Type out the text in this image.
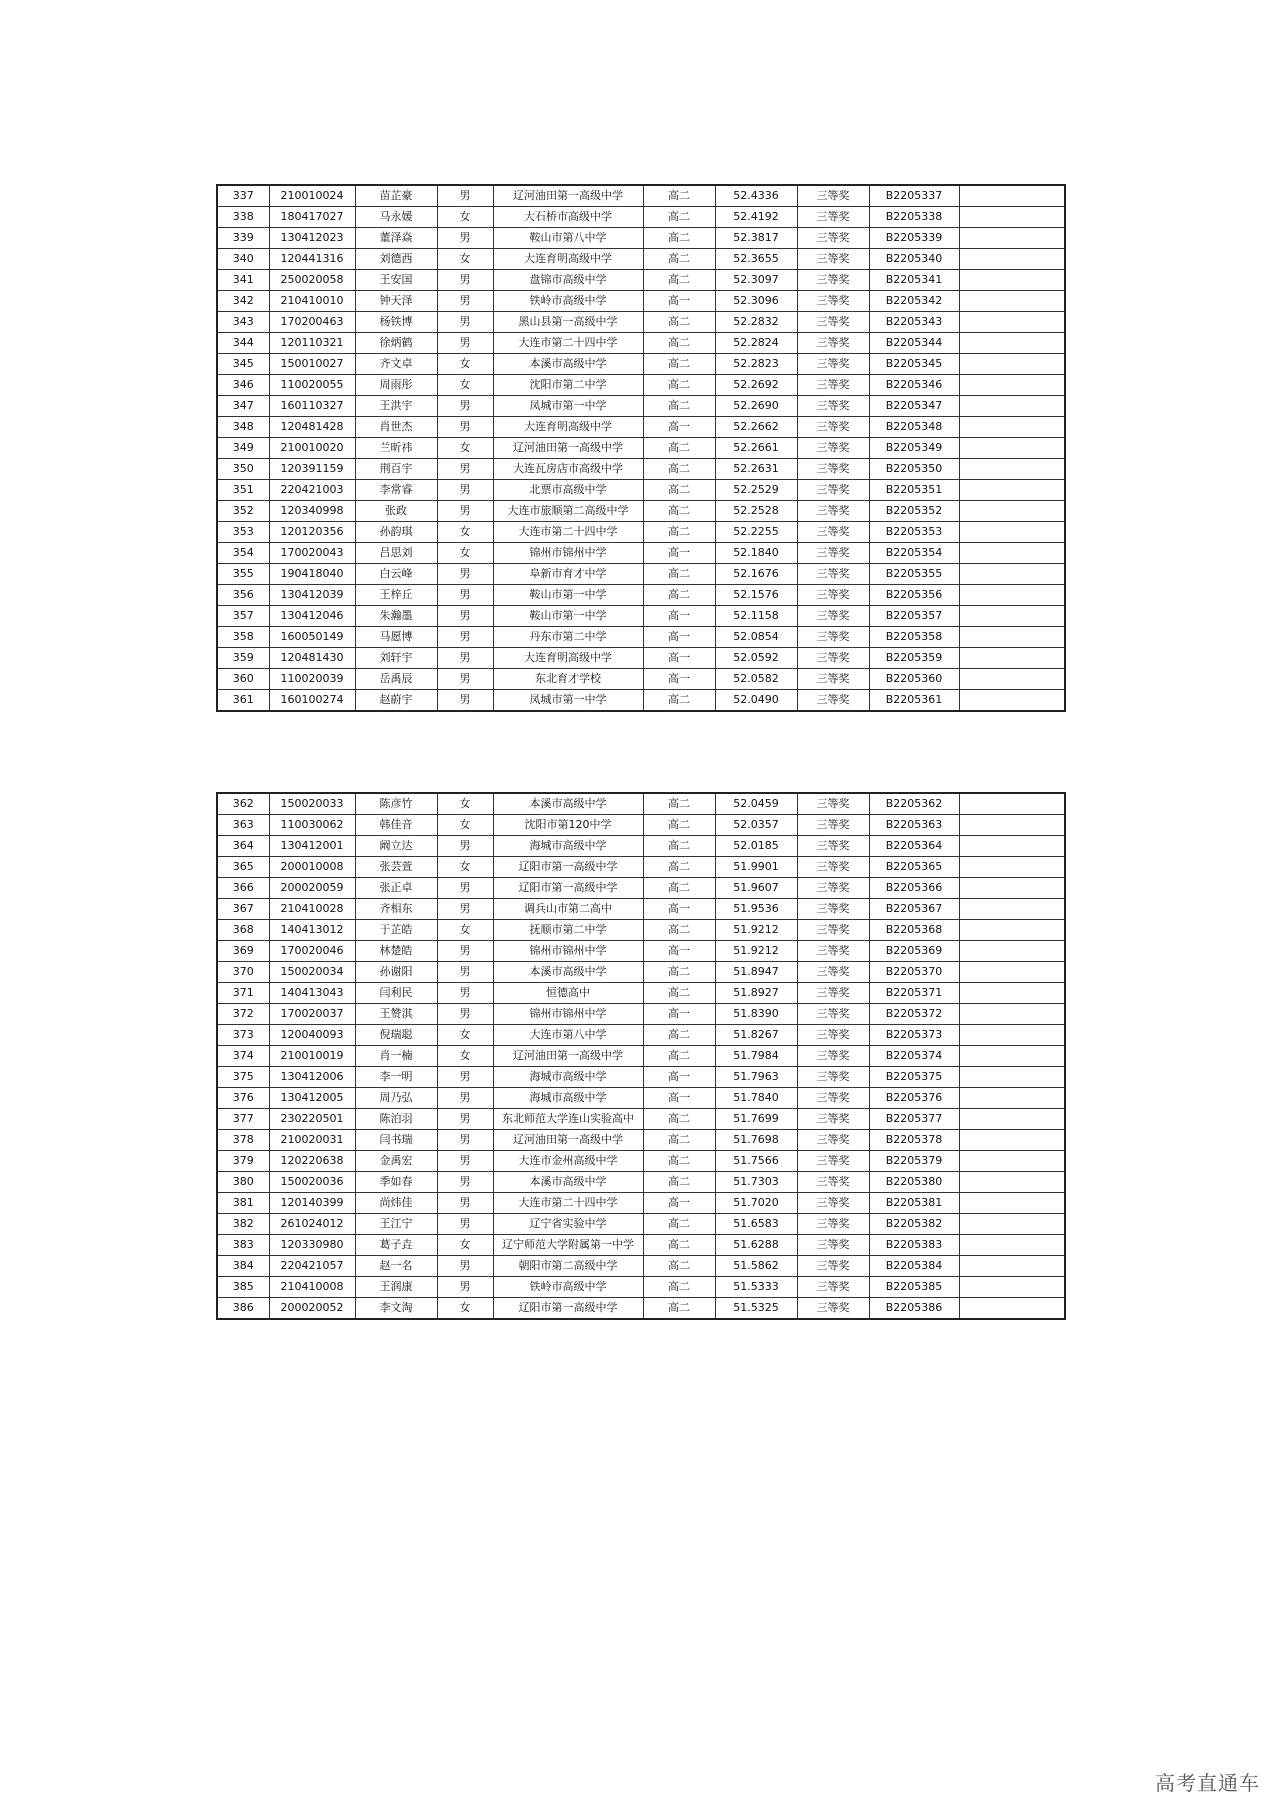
337	210010024	苗芷豪	男	辽河油田第一高级中学	高二	52.4336	三等奖	B2205337	
338	180417027	马永媛	女	大石桥市高级中学	高二	52.4192	三等奖	B2205338	
339	130412023	董泽焱	男	鞍山市第八中学	高二	52.3817	三等奖	B2205339	
340	120441316	刘德西	女	大连育明高级中学	高二	52.3655	三等奖	B2205340	
341	250020058	王安国	男	盘锦市高级中学	高二	52.3097	三等奖	B2205341	
342	210410010	钟天泽	男	铁岭市高级中学	高一	52.3096	三等奖	B2205342	
343	170200463	杨铁博	男	黑山县第一高级中学	高二	52.2832	三等奖	B2205343	
344	120110321	徐炳鹤	男	大连市第二十四中学	高二	52.2824	三等奖	B2205344	
345	150010027	齐文卓	女	本溪市高级中学	高二	52.2823	三等奖	B2205345	
346	110020055	周雨彤	女	沈阳市第二中学	高二	52.2692	三等奖	B2205346	
347	160110327	王洪宇	男	凤城市第一中学	高二	52.2690	三等奖	B2205347	
348	120481428	肖世杰	男	大连育明高级中学	高一	52.2662	三等奖	B2205348	
349	210010020	兰昕祎	女	辽河油田第一高级中学	高二	52.2661	三等奖	B2205349	
350	120391159	荆百宇	男	大连瓦房店市高级中学	高二	52.2631	三等奖	B2205350	
351	220421003	李常睿	男	北票市高级中学	高二	52.2529	三等奖	B2205351	
352	120340998	张政	男	大连市旅顺第二高级中学	高二	52.2528	三等奖	B2205352	
353	120120356	孙韵琪	女	大连市第二十四中学	高二	52.2255	三等奖	B2205353	
354	170020043	吕思刘	女	锦州市锦州中学	高一	52.1840	三等奖	B2205354	
355	190418040	白云峰	男	阜新市育才中学	高二	52.1676	三等奖	B2205355	
356	130412039	王梓丘	男	鞍山市第一中学	高二	52.1576	三等奖	B2205356	
357	130412046	朱瀚墨	男	鞍山市第一中学	高一	52.1158	三等奖	B2205357	
358	160050149	马愿博	男	丹东市第二中学	高一	52.0854	三等奖	B2205358	
359	120481430	刘轩宇	男	大连育明高级中学	高一	52.0592	三等奖	B2205359	
360	110020039	岳禹辰	男	东北育才学校	高一	52.0582	三等奖	B2205360	
361	160100274	赵蔚宇	男	凤城市第一中学	高二	52.0490	三等奖	B2205361	
362	150020033	陈彦竹	女	本溪市高级中学	高二	52.0459	三等奖	B2205362	
363	110030062	韩佳音	女	沈阳市第120中学	高二	52.0357	三等奖	B2205363	
364	130412001	阚立达	男	海城市高级中学	高二	52.0185	三等奖	B2205364	
365	200010008	张芸萱	女	辽阳市第一高级中学	高二	51.9901	三等奖	B2205365	
366	200020059	张正卓	男	辽阳市第一高级中学	高二	51.9607	三等奖	B2205366	
367	210410028	齐相东	男	调兵山市第二高中	高一	51.9536	三等奖	B2205367	
368	140413012	于芷皓	女	抚顺市第二中学	高二	51.9212	三等奖	B2205368	
369	170020046	林楚皓	男	锦州市锦州中学	高一	51.9212	三等奖	B2205369	
370	150020034	孙谢阳	男	本溪市高级中学	高二	51.8947	三等奖	B2205370	
371	140413043	闫利民	男	恒德高中	高二	51.8927	三等奖	B2205371	
372	170020037	王赞淇	男	锦州市锦州中学	高一	51.8390	三等奖	B2205372	
373	120040093	倪瑞聪	女	大连市第八中学	高二	51.8267	三等奖	B2205373	
374	210010019	肖一楠	女	辽河油田第一高级中学	高二	51.7984	三等奖	B2205374	
375	130412006	李一明	男	海城市高级中学	高一	51.7963	三等奖	B2205375	
376	130412005	周乃弘	男	海城市高级中学	高一	51.7840	三等奖	B2205376	
377	230220501	陈泊羽	男	东北师范大学连山实验高中	高二	51.7699	三等奖	B2205377	
378	210020031	闫书瑞	男	辽河油田第一高级中学	高二	51.7698	三等奖	B2205378	
379	120220638	金禹宏	男	大连市金州高级中学	高二	51.7566	三等奖	B2205379	
380	150020036	季如春	男	本溪市高级中学	高二	51.7303	三等奖	B2205380	
381	120140399	尚炜佳	男	大连市第二十四中学	高一	51.7020	三等奖	B2205381	
382	261024012	王江宁	男	辽宁省实验中学	高二	51.6583	三等奖	B2205382	
383	120330980	葛子垚	女	辽宁师范大学附属第一中学	高二	51.6288	三等奖	B2205383	
384	220421057	赵一名	男	朝阳市第二高级中学	高二	51.5862	三等奖	B2205384	
385	210410008	王润康	男	铁岭市高级中学	高二	51.5333	三等奖	B2205385	
386	200020052	李文淘	女	辽阳市第一高级中学	高二	51.5325	三等奖	B2205386	
高考直通车
